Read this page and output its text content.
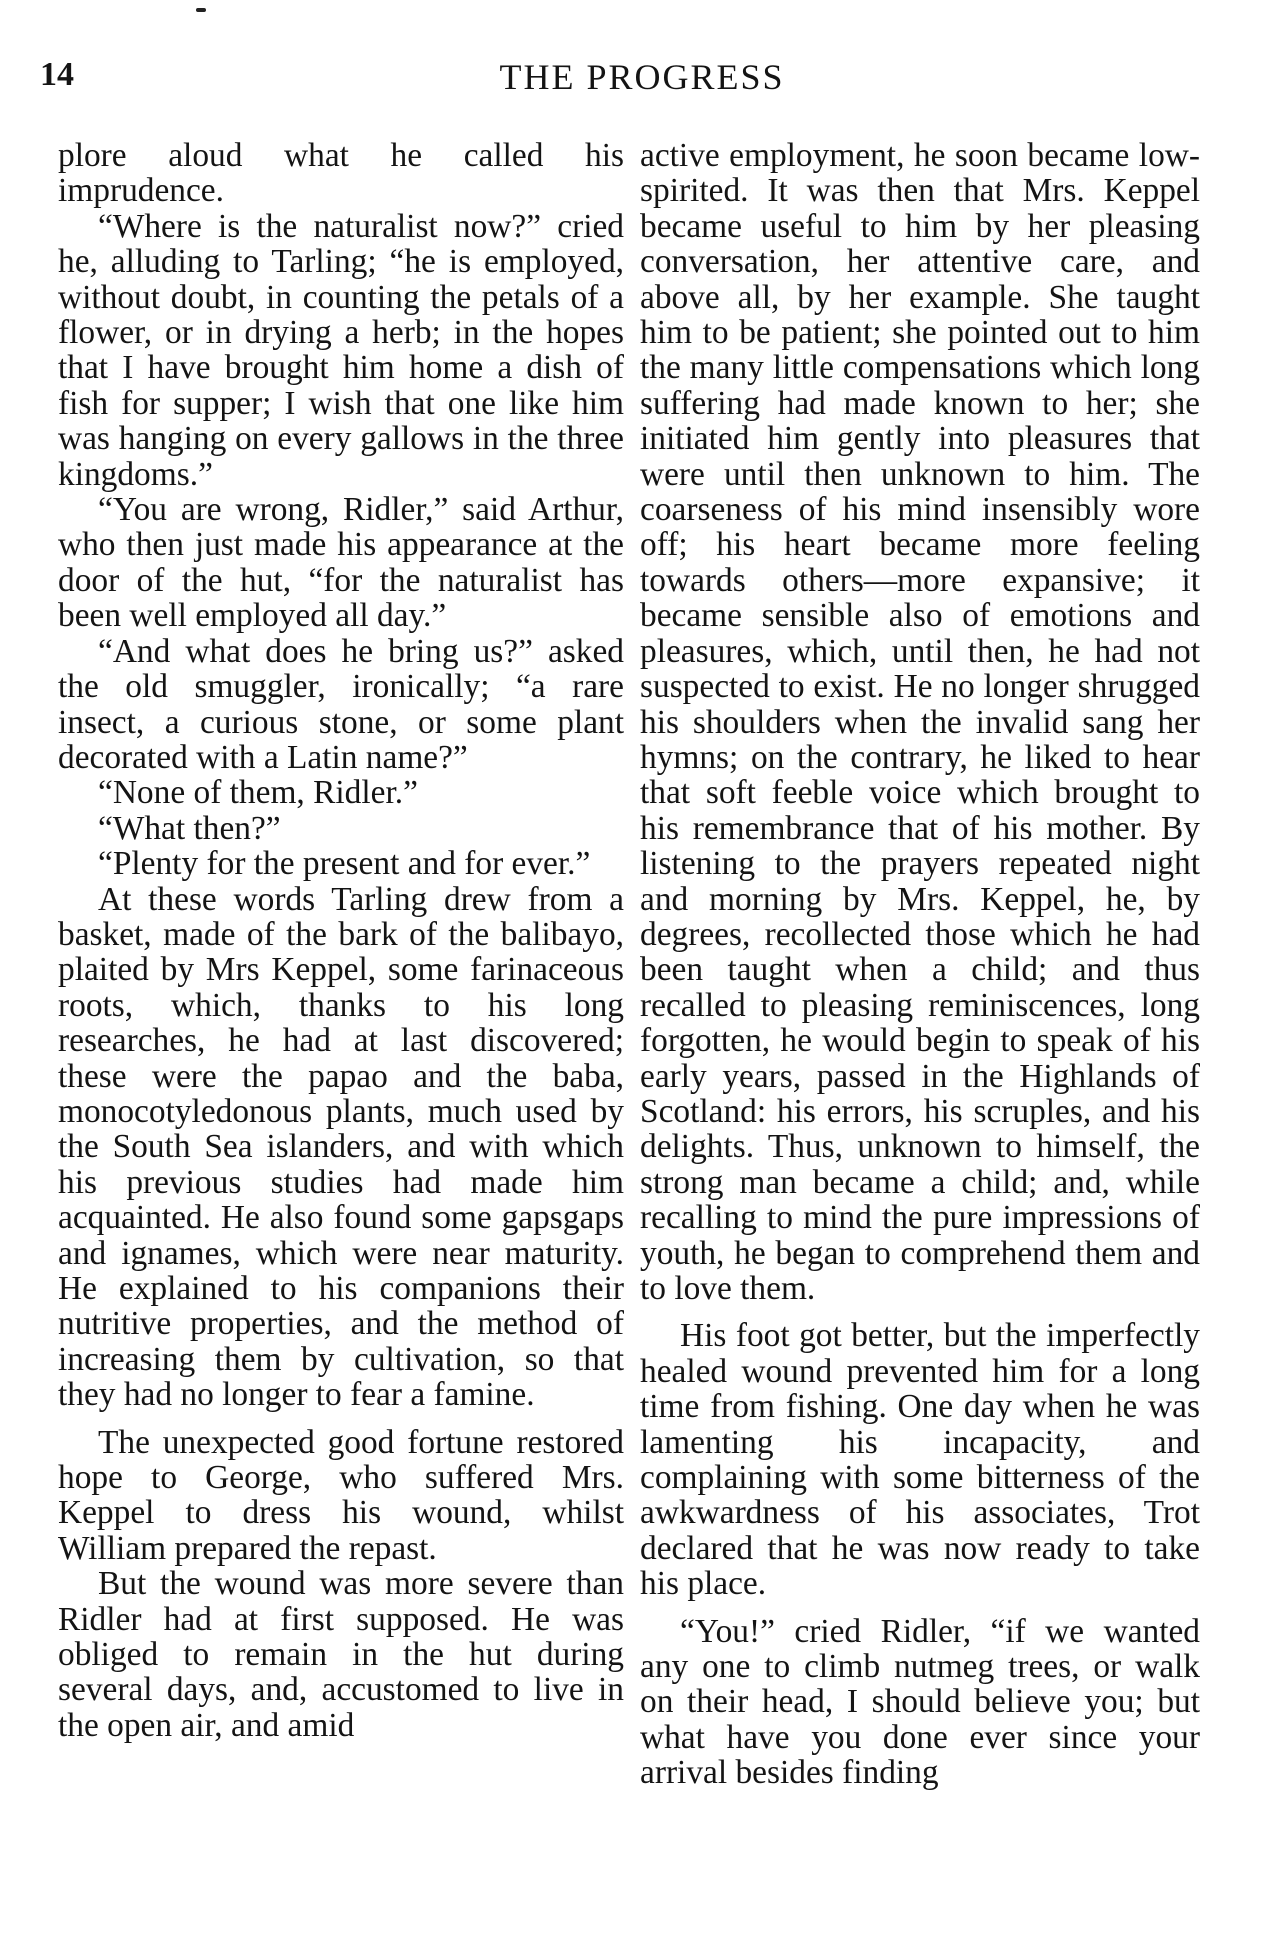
14	THE PROGRESS

plore aloud what he called his imprudence.

“Where is the naturalist now?” cried he, alluding to Tarling; “he is employed, without doubt, in counting the petals of a flower, or in drying a herb; in the hopes that I have brought him home a dish of fish for supper; I wish that one like him was hanging on every gallows in the three kingdoms.”

“You are wrong, Ridler,” said Arthur, who then just made his appearance at the door of the hut, “for the naturalist has been well employed all day.”

“And what does he bring us?” asked the old smuggler, ironically; “a rare insect, a curious stone, or some plant decorated with a Latin name?”

“None of them, Ridler.”

“What then?”

“Plenty for the present and for ever.”

At these words Tarling drew from a basket, made of the bark of the balibayo, plaited by Mrs Keppel, some farinaceous roots, which, thanks to his long researches, he had at last discovered; these were the papao and the baba, monocotyledonous plants, much used by the South Sea islanders, and with which his previous studies had made him acquainted. He also found some gapsgaps and ignames, which were near maturity. He explained to his companions their nutritive properties, and the method of increasing them by cultivation, so that they had no longer to fear a famine.

The unexpected good fortune restored hope to George, who suffered Mrs. Keppel to dress his wound, whilst William prepared the repast.

But the wound was more severe than Ridler had at first supposed. He was obliged to remain in the hut during several days, and, accustomed to live in the open air, and amid

active employment, he soon became low-spirited. It was then that Mrs. Keppel became useful to him by her pleasing conversation, her attentive care, and above all, by her example. She taught him to be patient; she pointed out to him the many little compensations which long suffering had made known to her; she initiated him gently into pleasures that were until then unknown to him. The coarseness of his mind insensibly wore off; his heart became more feeling towards others—more expansive; it became sensible also of emotions and pleasures, which, until then, he had not suspected to exist. He no longer shrugged his shoulders when the invalid sang her hymns; on the contrary, he liked to hear that soft feeble voice which brought to his remembrance that of his mother. By listening to the prayers repeated night and morning by Mrs. Keppel, he, by degrees, recollected those which he had been taught when a child; and thus recalled to pleasing reminiscences, long forgotten, he would begin to speak of his early years, passed in the Highlands of Scotland: his errors, his scruples, and his delights. Thus, unknown to himself, the strong man became a child; and, while recalling to mind the pure impressions of youth, he began to comprehend them and to love them.

His foot got better, but the imperfectly healed wound prevented him for a long time from fishing. One day when he was lamenting his incapacity, and complaining with some bitterness of the awkwardness of his associates, Trot declared that he was now ready to take his place.

“You!” cried Ridler, “if we wanted any one to climb nutmeg trees, or walk on their head, I should believe you; but what have you done ever since your arrival besides finding
